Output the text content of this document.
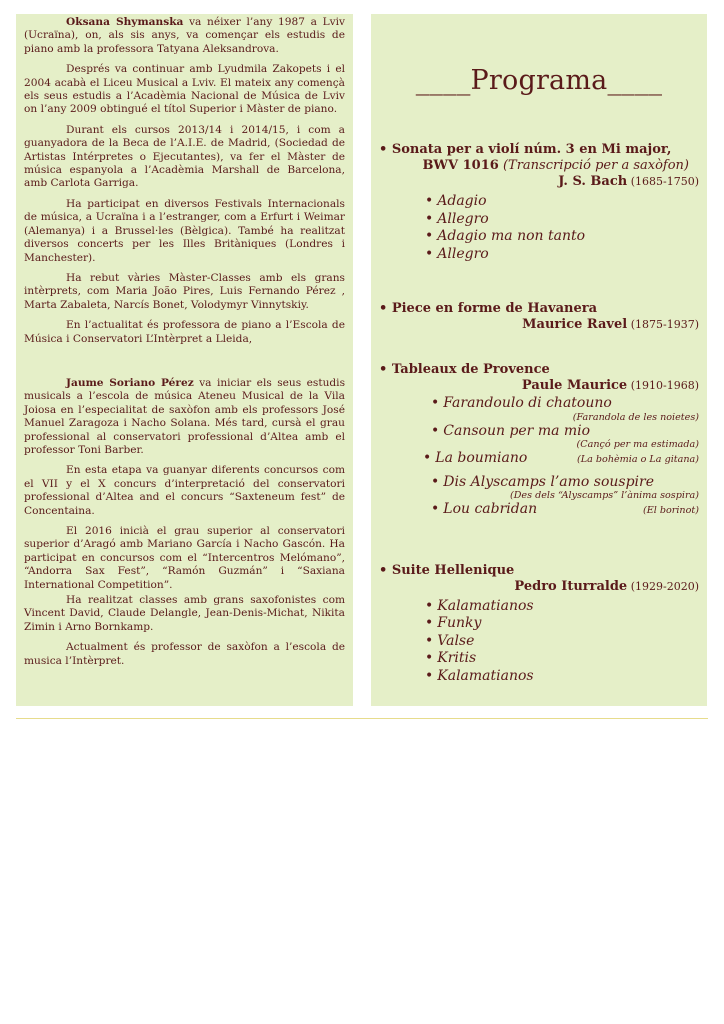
Oksana Shymanska va néixer l’any 1987 a Lviv (Ucraïna), on, als sis anys, va començar els estudis de piano amb la professora Tatyana Aleksandrova.

Després va continuar amb Lyudmila Zakopets i el 2004 acabà el Liceu Musical a Lviv. El mateix any començà els seus estudis a l’Acadèmia Nacional de Música de Lviv on l’any 2009 obtingué el títol Superior i Màster de piano.

Durant els cursos 2013/14 i 2014/15, i com a guanyadora de la Beca de l’A.I.E. de Madrid, (Sociedad de Artistas Intérpretes o Ejecutantes), va fer el Màster de música espanyola a l’Acadèmia Marshall de Barcelona, amb Carlota Garriga.

Ha participat en diversos Festivals Internacionals de música, a Ucraïna i a l’estranger, com a Erfurt i Weimar (Alemanya) i a Brussel·les (Bèlgica). També ha realitzat diversos concerts per les Illes Britàniques (Londres i Manchester).

Ha rebut vàries Màster-Classes amb els grans intèrprets, com Maria João Pires, Luis Fernando Pérez , Marta Zabaleta, Narcís Bonet, Volodymyr Vinnytskiy.

En l’actualitat és professora de piano a l’Escola de Música i Conservatori L’Intèrpret a Lleida,

Jaume Soriano Pérez va iniciar els seus estudis musicals a l’escola de música Ateneu Musical de la Vila Joiosa en l’especialitat de saxòfon amb els professors José Manuel Zaragoza i Nacho Solana. Més tard, cursà el grau professional al conservatori professional d’Altea amb el professor Toni Barber.

En esta etapa va guanyar diferents concursos com el VII y el X concurs d’interpretació del conservatori professional d’Altea and el concurs “Saxteneum fest” de Concentaina.

El 2016 inicià el grau superior al conservatori superior d’Aragó amb Mariano García i Nacho Gascón. Ha participat en concursos com el “Intercentros Melómano”, “Andorra Sax Fest”, “Ramón Guzmán” i “Saxiana International Competition”.

Ha realitzat classes amb grans saxofonistes com Vincent David, Claude Delangle, Jean-Denis-Michat, Nikita Zimin i Arno Bornkamp.

Actualment és professor de saxòfon a l’escola de musica l’Intèrpret.

____Programa____
• Sonata per a violí núm. 3 en Mi major,
BWV 1016 (Transcripció per a saxòfon)
J. S. Bach (1685-1750)
• Adagio
• Allegro
• Adagio ma non tanto
• Allegro
• Piece en forme de Havanera
Maurice Ravel (1875-1937)
• Tableaux de Provence
Paule Maurice (1910-1968)
• Farandoulo di chatouno
(Farandola de les noietes)
• Cansoun per ma mio
(Cançó per ma estimada)
• La boumiano	(La bohèmia o La gitana)
• Dis Alyscamps l’amo souspire
(Des dels “Alyscamps” l’ànima sospira)
• Lou cabridan	(El borinot)
• Suite Hellenique
Pedro Iturralde (1929-2020)
• Kalamatianos
• Funky
• Valse
• Kritis
• Kalamatianos
